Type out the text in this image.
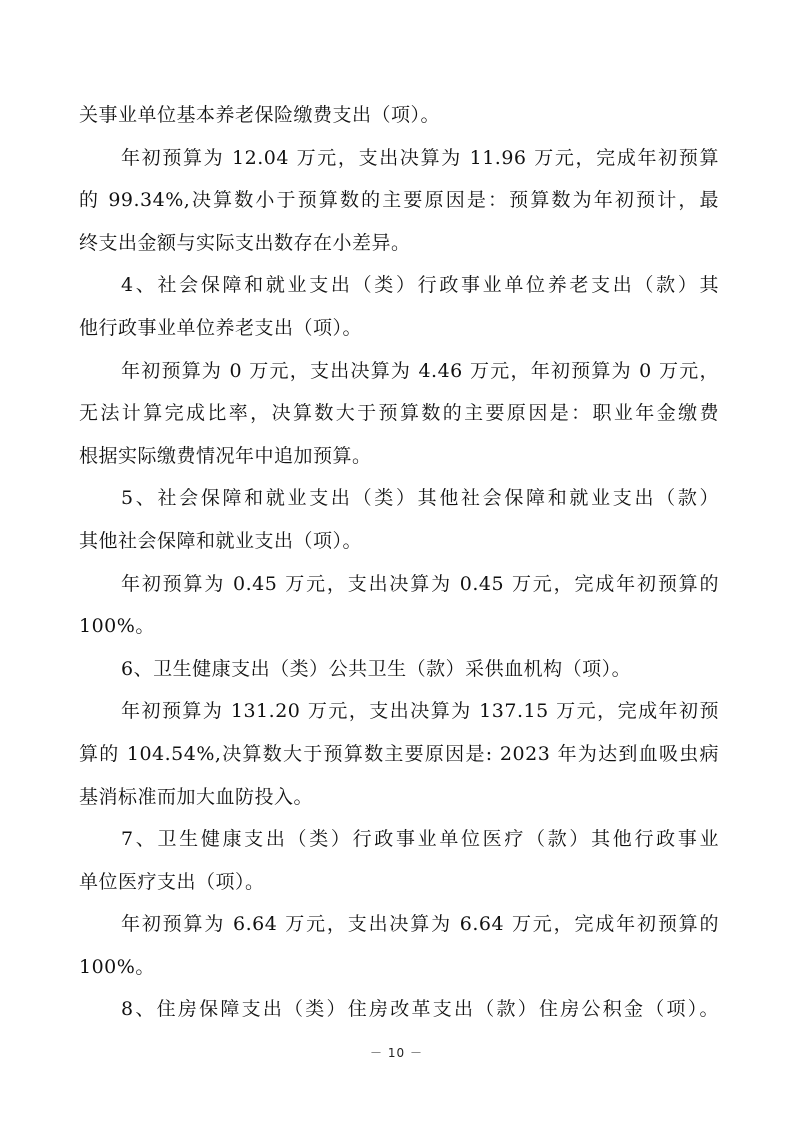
关事业单位基本养老保险缴费支出（项）。
年初预算为 12.04 万元，支出决算为 11.96 万元，完成年初预算
的 99.34%,决算数小于预算数的主要原因是：预算数为年初预计，最
终支出金额与实际支出数存在小差异。
4、社会保障和就业支出（类）行政事业单位养老支出（款）其
他行政事业单位养老支出（项）。
年初预算为 0 万元，支出决算为 4.46 万元，年初预算为 0 万元，
无法计算完成比率，决算数大于预算数的主要原因是：职业年金缴费
根据实际缴费情况年中追加预算。
5、社会保障和就业支出（类）其他社会保障和就业支出（款）
其他社会保障和就业支出（项）。
年初预算为 0.45 万元，支出决算为 0.45 万元，完成年初预算的
100%。
6、卫生健康支出（类）公共卫生（款）采供血机构（项）。
年初预算为 131.20 万元，支出决算为 137.15 万元，完成年初预
算的 104.54%,决算数大于预算数主要原因是: 2023 年为达到血吸虫病
基消标准而加大血防投入。
7、卫生健康支出（类）行政事业单位医疗（款）其他行政事业
单位医疗支出（项）。
年初预算为 6.64 万元，支出决算为 6.64 万元，完成年初预算的
100%。
8、住房保障支出（类）住房改革支出（款）住房公积金（项）。
－ 10 －
